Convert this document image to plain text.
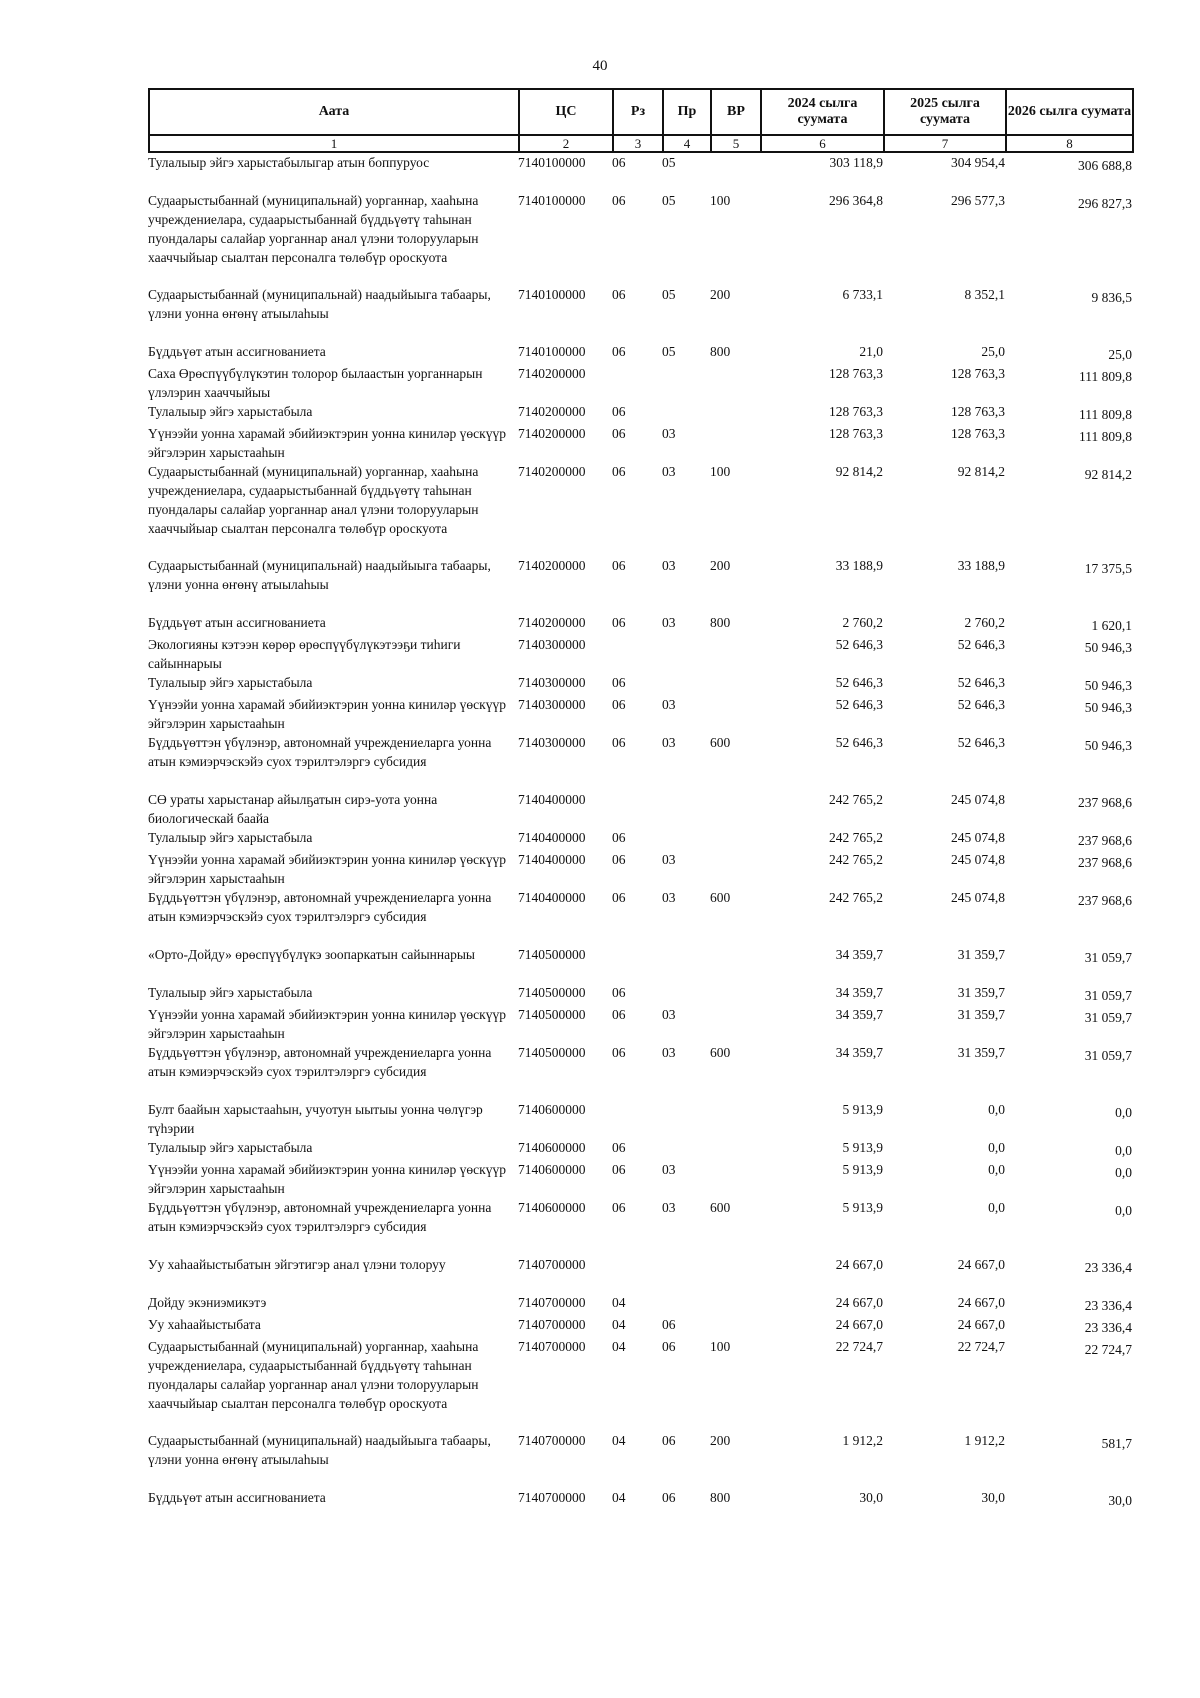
40
Аата	ЦС	Рз	Пр	ВР	2024 сылга суумата	2025 сылга суумата	2026 сылга суумата
1	2	3	4	5	6	7	8
Тулалыыр эйгэ харыстабылыгар атын боппуруос	7140100000	06	05		303 118,9	304 954,4	306 688,8
Судаарыстыбаннай (муниципальнай) уорганнар, хааhына учреждениелара, судаарыстыбаннай бүддьүөтү таhынан пуондалары салайар уорганнар анал үлэни толорууларын хааччыйыар сыалтан персоналга төлөбүр ороскуота	7140100000	06	05	100	296 364,8	296 577,3	296 827,3
Судаарыстыбаннай (муниципальнай) наадыйыыга табаары, үлэни уонна өҥөнү атыылаhыы	7140100000	06	05	200	6 733,1	8 352,1	9 836,5
Бүддьүөт атын ассигнованиета	7140100000	06	05	800	21,0	25,0	25,0
Саха Өрөспүүбүлүкэтин толорор былаастын уорганнарын үлэлэрин хааччыйыы	7140200000				128 763,3	128 763,3	111 809,8
Тулалыыр эйгэ харыстабыла	7140200000	06			128 763,3	128 763,3	111 809,8
Үүнээйи уонна харамай эбийиэктэрин уонна киниләр үөскүүр эйгэлэрин харыстааhын	7140200000	06	03		128 763,3	128 763,3	111 809,8
Судаарыстыбаннай (муниципальнай) уорганнар, хааhына учреждениелара, судаарыстыбаннай бүддьүөтү таhынан пуондалары салайар уорганнар анал үлэни толорууларын хааччыйыар сыалтан персоналга төлөбүр ороскуота	7140200000	06	03	100	92 814,2	92 814,2	92 814,2
Судаарыстыбаннай (муниципальнай) наадыйыыга табаары, үлэни уонна өҥөнү атыылаhыы	7140200000	06	03	200	33 188,9	33 188,9	17 375,5
Бүддьүөт атын ассигнованиета	7140200000	06	03	800	2 760,2	2 760,2	1 620,1
Экологияны кэтээн көрөр өрөспүүбүлүкэтээҕи тиһиги сайыннарыы	7140300000				52 646,3	52 646,3	50 946,3
Тулалыыр эйгэ харыстабыла	7140300000	06			52 646,3	52 646,3	50 946,3
Үүнээйи уонна харамай эбийиэктэрин уонна киниләр үөскүүр эйгэлэрин харыстааhын	7140300000	06	03		52 646,3	52 646,3	50 946,3
Бүддьүөттэн үбүлэнэр, автономнай учреждениеларга уонна атын кэмиэрчэскэйэ суох тэрилтэлэргэ субсидия	7140300000	06	03	600	52 646,3	52 646,3	50 946,3
СӨ ураты харыстанар айылҕатын сирэ-уота уонна биологическай баайа	7140400000				242 765,2	245 074,8	237 968,6
Тулалыыр эйгэ харыстабыла	7140400000	06			242 765,2	245 074,8	237 968,6
Үүнээйи уонна харамай эбийиэктэрин уонна киниләр үөскүүр эйгэлэрин харыстааhын	7140400000	06	03		242 765,2	245 074,8	237 968,6
Бүддьүөттэн үбүлэнэр, автономнай учреждениеларга уонна атын кэмиэрчэскэйэ суох тэрилтэлэргэ субсидия	7140400000	06	03	600	242 765,2	245 074,8	237 968,6
«Орто-Дойду» өрөспүүбүлүкэ зоопаркатын сайыннарыы	7140500000				34 359,7	31 359,7	31 059,7
Тулалыыр эйгэ харыстабыла	7140500000	06			34 359,7	31 359,7	31 059,7
Үүнээйи уонна харамай эбийиэктэрин уонна киниләр үөскүүр эйгэлэрин харыстааhын	7140500000	06	03		34 359,7	31 359,7	31 059,7
Бүддьүөттэн үбүлэнэр, автономнай учреждениеларга уонна атын кэмиэрчэскэйэ суох тэрилтэлэргэ субсидия	7140500000	06	03	600	34 359,7	31 359,7	31 059,7
Булт баайын харыстааhын, учуотун ыытыы уонна чөлүгэр түhэрии	7140600000				5 913,9	0,0	0,0
Тулалыыр эйгэ харыстабыла	7140600000	06			5 913,9	0,0	0,0
Үүнээйи уонна харамай эбийиэктэрин уонна киниләр үөскүүр эйгэлэрин харыстааhын	7140600000	06	03		5 913,9	0,0	0,0
Бүддьүөттэн үбүлэнэр, автономнай учреждениеларга уонна атын кэмиэрчэскэйэ суох тэрилтэлэргэ субсидия	7140600000	06	03	600	5 913,9	0,0	0,0
Уу хаhаайыстыбатын эйгэтигэр анал үлэни толоруу	7140700000				24 667,0	24 667,0	23 336,4
Дойду экэниэмикэтэ	7140700000	04			24 667,0	24 667,0	23 336,4
Уу хаhаайыстыбата	7140700000	04	06		24 667,0	24 667,0	23 336,4
Судаарыстыбаннай (муниципальнай) уорганнар, хааhына учреждениелара, судаарыстыбаннай бүддьүөтү таhынан пуондалары салайар уорганнар анал үлэни толорууларын хааччыйыар сыалтан персоналга төлөбүр ороскуота	7140700000	04	06	100	22 724,7	22 724,7	22 724,7
Судаарыстыбаннай (муниципальнай) наадыйыыга табаары, үлэни уонна өҥөнү атыылаhыы	7140700000	04	06	200	1 912,2	1 912,2	581,7
Бүддьүөт атын ассигнованиета	7140700000	04	06	800	30,0	30,0	30,0
